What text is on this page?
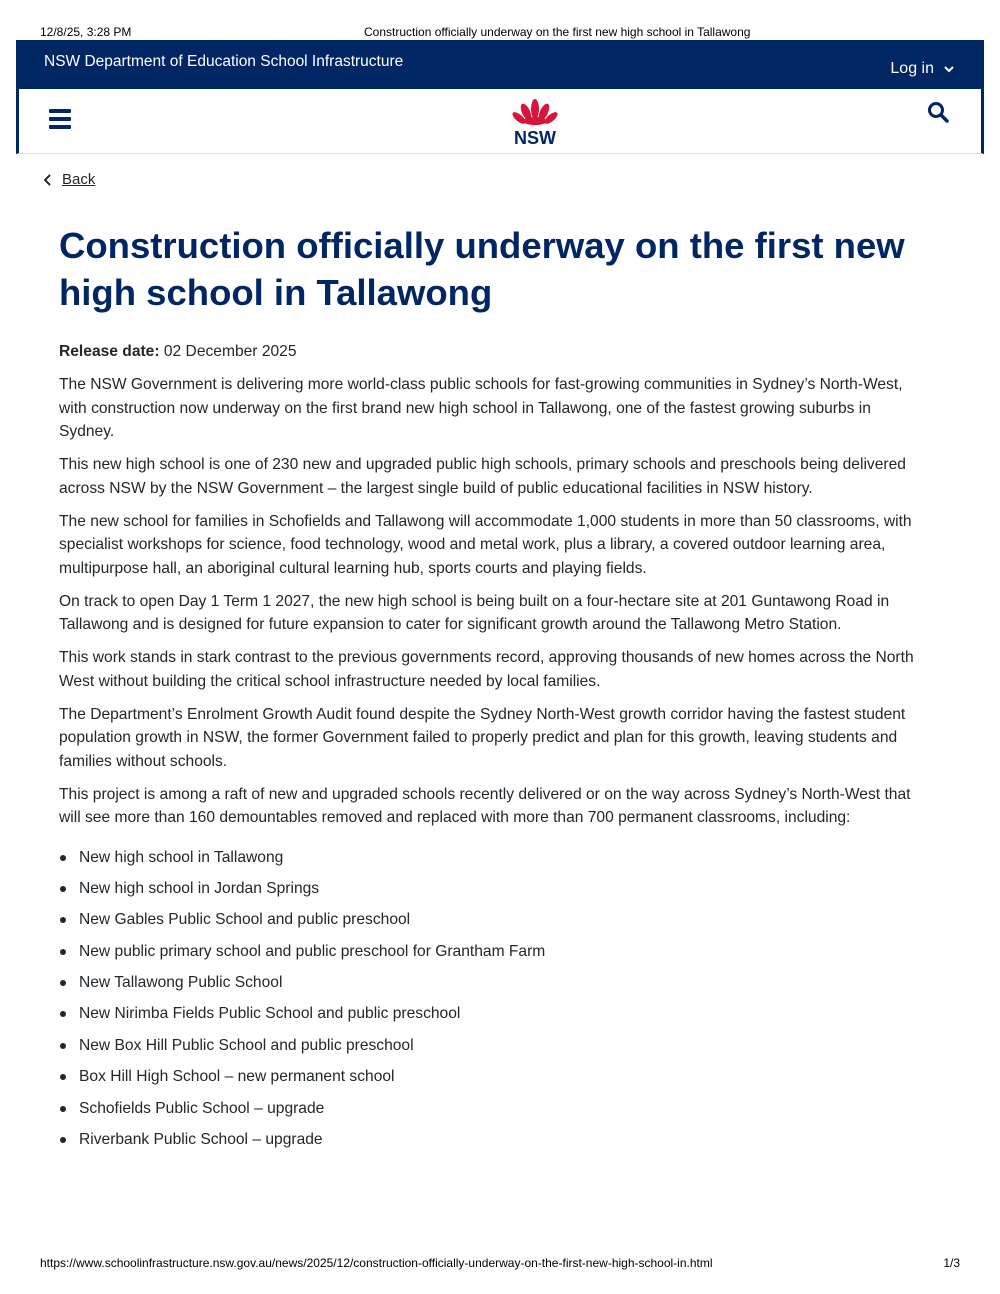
12/8/25, 3:28 PM	Construction officially underway on the first new high school in Tallawong
NSW Department of Education School Infrastructure	Log in
NSW
Back
Construction officially underway on the first new high school in Tallawong

Release date: 02 December 2025

The NSW Government is delivering more world-class public schools for fast-growing communities in Sydney’s North-West, with construction now underway on the first brand new high school in Tallawong, one of the fastest growing suburbs in Sydney.

This new high school is one of 230 new and upgraded public high schools, primary schools and preschools being delivered across NSW by the NSW Government – the largest single build of public educational facilities in NSW history.

The new school for families in Schofields and Tallawong will accommodate 1,000 students in more than 50 classrooms, with specialist workshops for science, food technology, wood and metal work, plus a library, a covered outdoor learning area, multipurpose hall, an aboriginal cultural learning hub, sports courts and playing fields.

On track to open Day 1 Term 1 2027, the new high school is being built on a four-hectare site at 201 Guntawong Road in Tallawong and is designed for future expansion to cater for significant growth around the Tallawong Metro Station.

This work stands in stark contrast to the previous governments record, approving thousands of new homes across the North West without building the critical school infrastructure needed by local families.

The Department’s Enrolment Growth Audit found despite the Sydney North-West growth corridor having the fastest student population growth in NSW, the former Government failed to properly predict and plan for this growth, leaving students and families without schools.

This project is among a raft of new and upgraded schools recently delivered or on the way across Sydney’s North-West that will see more than 160 demountables removed and replaced with more than 700 permanent classrooms, including:

New high school in Tallawong
New high school in Jordan Springs
New Gables Public School and public preschool
New public primary school and public preschool for Grantham Farm
New Tallawong Public School
New Nirimba Fields Public School and public preschool
New Box Hill Public School and public preschool
Box Hill High School – new permanent school
Schofields Public School – upgrade
Riverbank Public School – upgrade
https://www.schoolinfrastructure.nsw.gov.au/news/2025/12/construction-officially-underway-on-the-first-new-high-school-in.html	1/3
